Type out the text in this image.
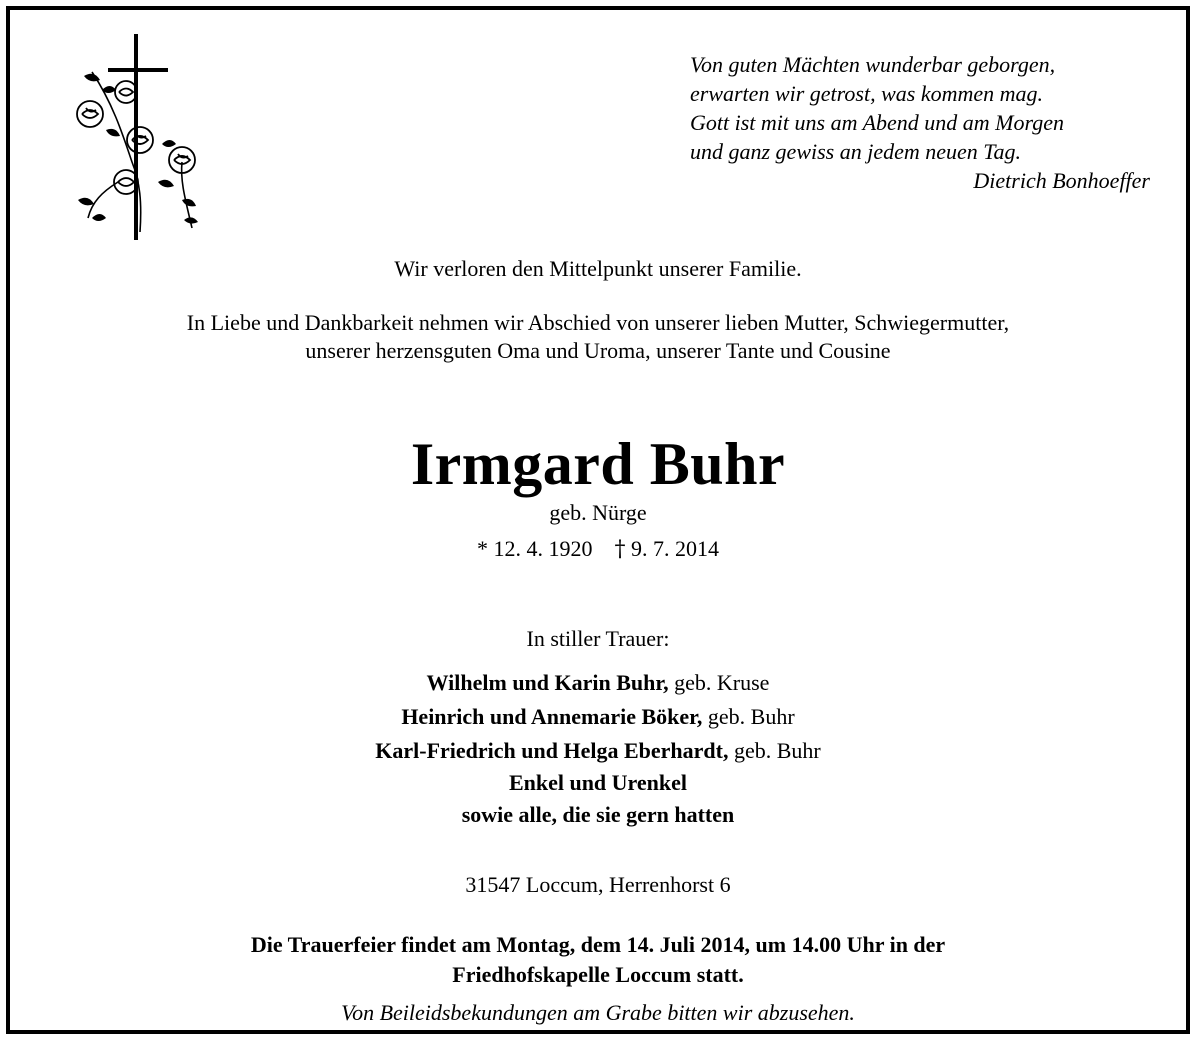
Von guten Mächten wunderbar geborgen,
erwarten wir getrost, was kommen mag.
Gott ist mit uns am Abend und am Morgen
und ganz gewiss an jedem neuen Tag.
Dietrich Bonhoeffer
Wir verloren den Mittelpunkt unserer Familie.
In Liebe und Dankbarkeit nehmen wir Abschied von unserer lieben Mutter, Schwiegermutter,
unserer herzensguten Oma und Uroma, unserer Tante und Cousine
Irmgard Buhr
geb. Nürge
* 12. 4. 1920 † 9. 7. 2014
In stiller Trauer:
Wilhelm und Karin Buhr, geb. Kruse
Heinrich und Annemarie Böker, geb. Buhr
Karl-Friedrich und Helga Eberhardt, geb. Buhr
Enkel und Urenkel
sowie alle, die sie gern hatten
31547 Loccum, Herrenhorst 6
Die Trauerfeier findet am Montag, dem 14. Juli 2014, um 14.00 Uhr in der
Friedhofskapelle Loccum statt.
Von Beileidsbekundungen am Grabe bitten wir abzusehen.
